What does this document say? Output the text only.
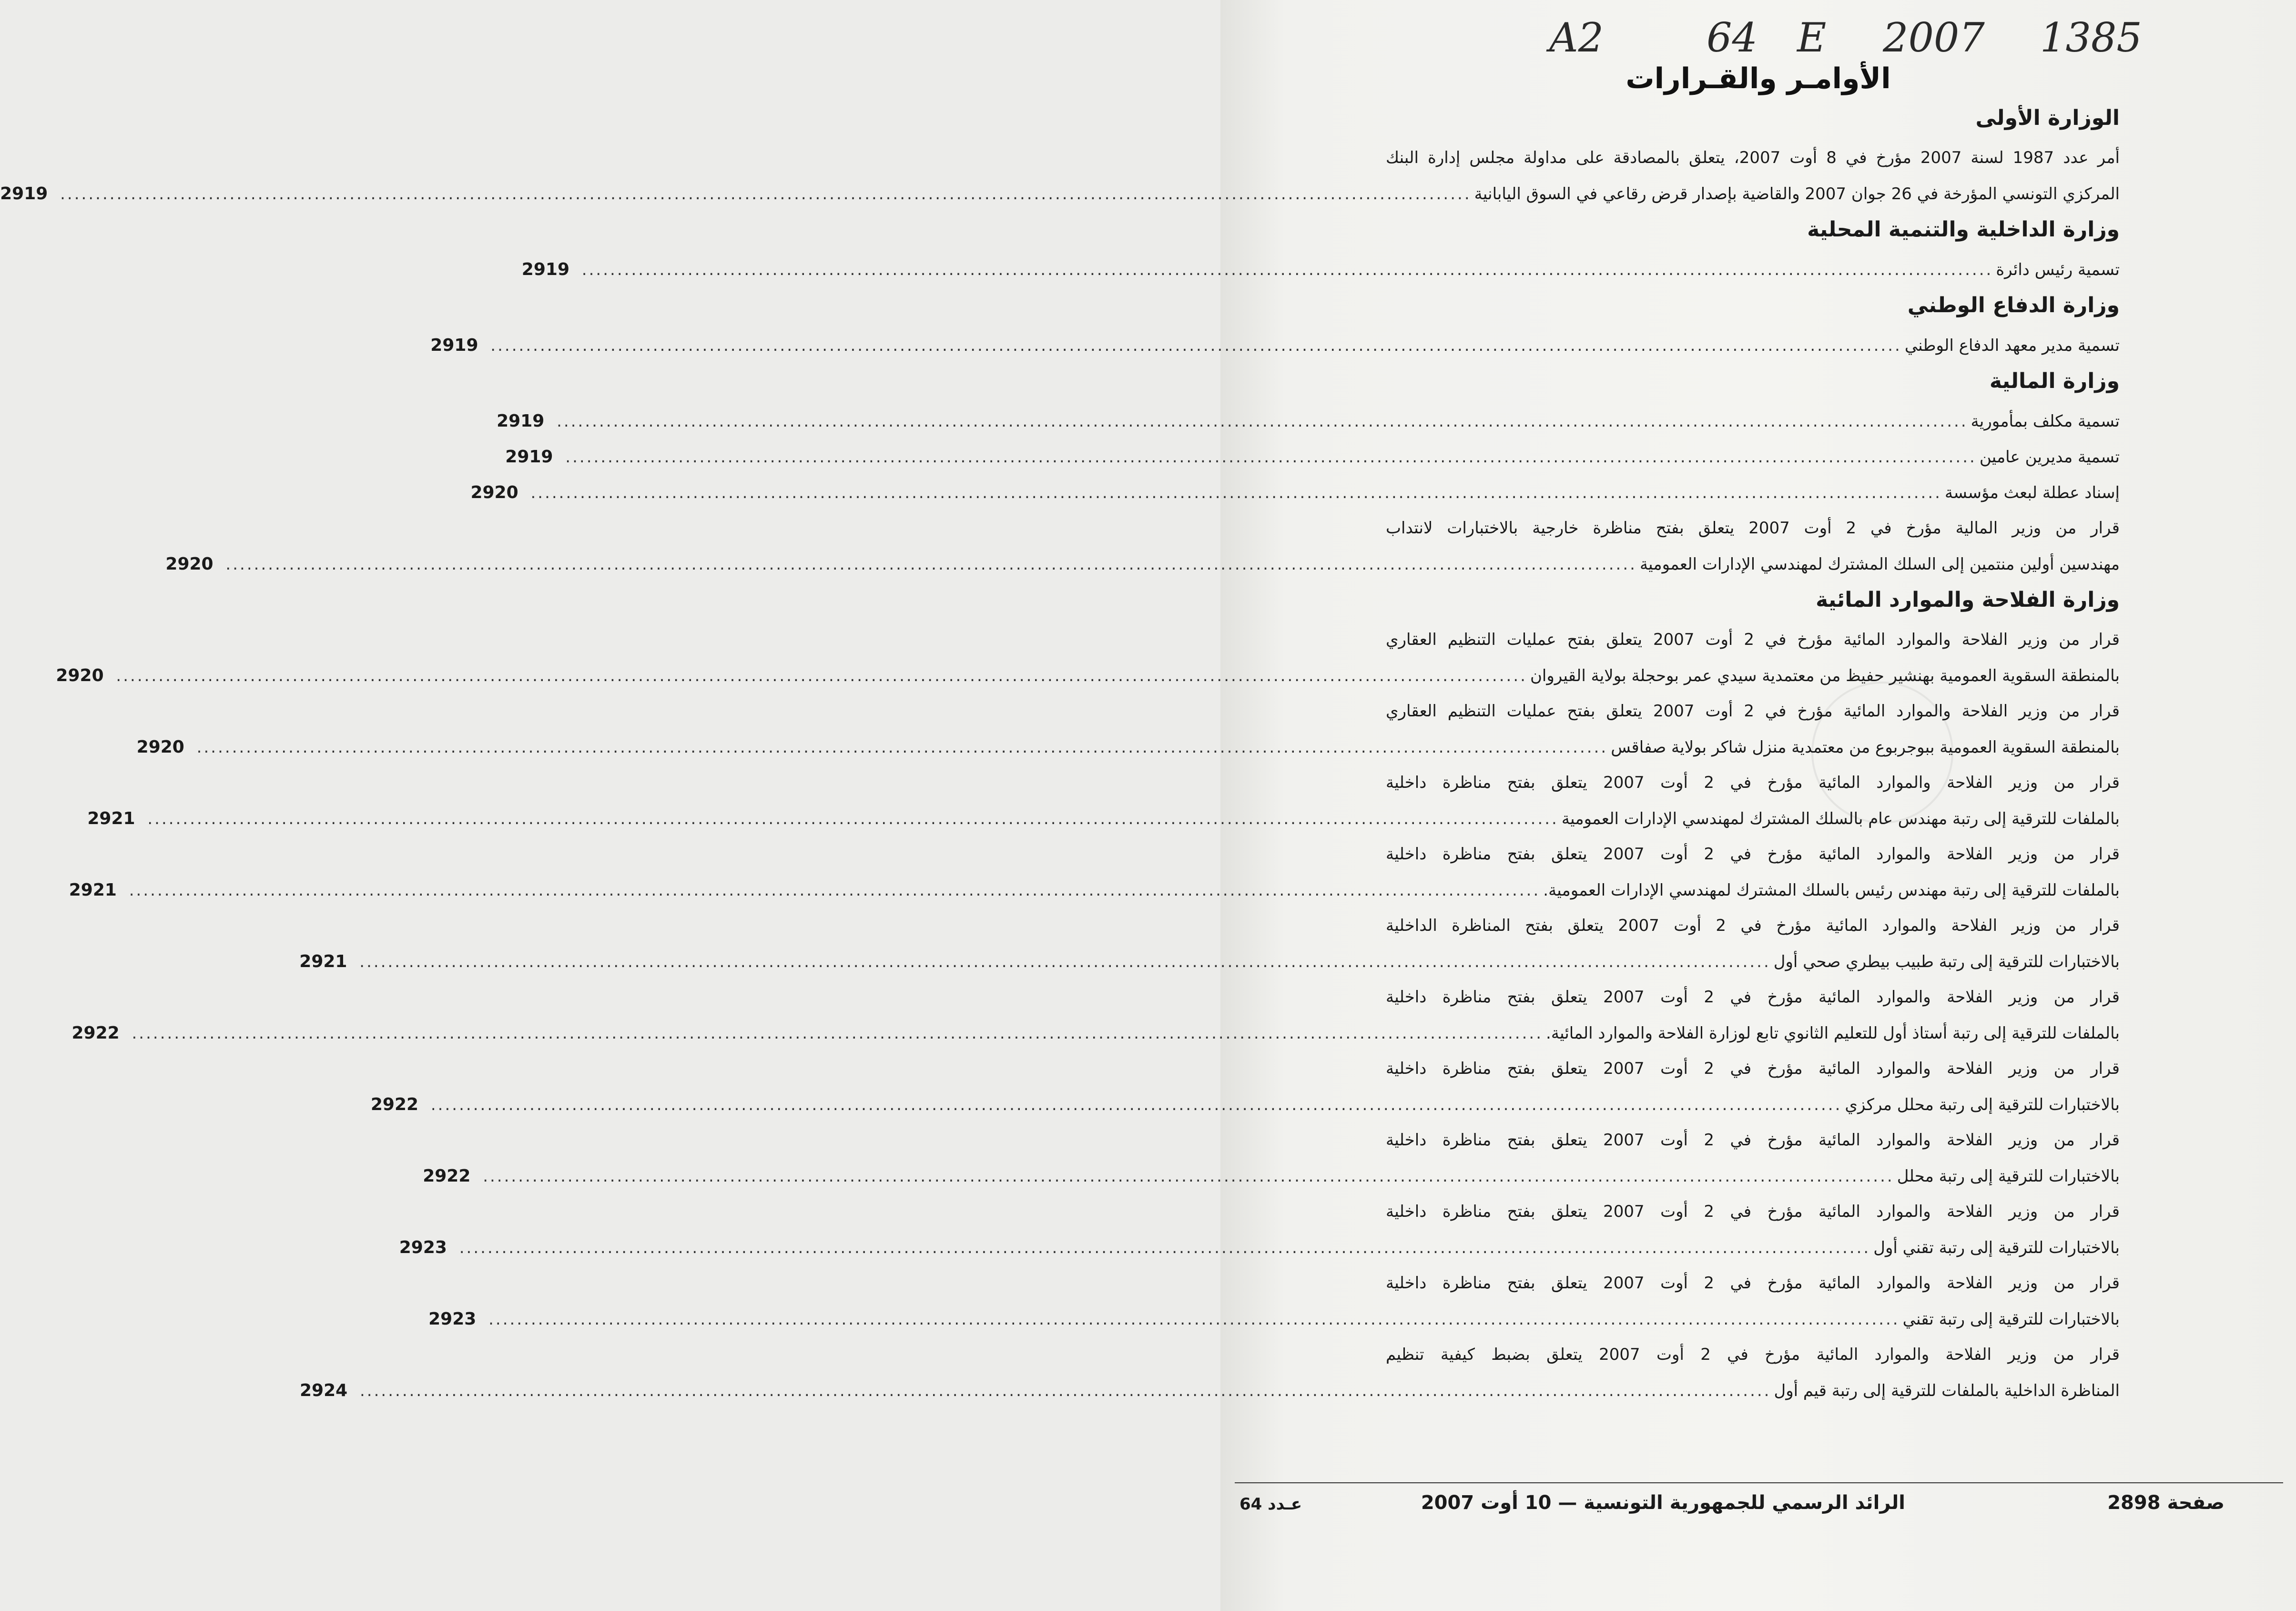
A2	64 E 2007 1385
الأوامـر والقـرارات
الوزارة الأولى
أمر عدد 1987 لسنة 2007 مؤرخ في 8 أوت 2007، يتعلق بالمصادقة على مداولة مجلس إدارة البنك
المركزي التونسي المؤرخة في 26 جوان 2007 والقاضية بإصدار قرض رقاعي في السوق اليابانية
........................................................................................................................................................................................................
2919
وزارة الداخلية والتنمية المحلية
تسمية رئيس دائرة
........................................................................................................................................................................................................
2919
وزارة الدفاع الوطني
تسمية مدير معهد الدفاع الوطني
........................................................................................................................................................................................................
2919
وزارة المالية
تسمية مكلف بمأمورية
........................................................................................................................................................................................................
2919
تسمية مديرين عامين
........................................................................................................................................................................................................
2919
إسناد عطلة لبعث مؤسسة
........................................................................................................................................................................................................
2920
قرار من وزير المالية مؤرخ في 2 أوت 2007 يتعلق بفتح مناظرة خارجية بالاختبارات لانتداب
مهندسين أولين منتمين إلى السلك المشترك لمهندسي الإدارات العمومية
........................................................................................................................................................................................................
2920
وزارة الفلاحة والموارد المائية
قرار من وزير الفلاحة والموارد المائية مؤرخ في 2 أوت 2007 يتعلق بفتح عمليات التنظيم العقاري
بالمنطقة السقوية العمومية بهنشير حفيظ من معتمدية سيدي عمر بوحجلة بولاية القيروان
........................................................................................................................................................................................................
2920
قرار من وزير الفلاحة والموارد المائية مؤرخ في 2 أوت 2007 يتعلق بفتح عمليات التنظيم العقاري
بالمنطقة السقوية العمومية ببوجربوع من معتمدية منزل شاكر بولاية صفاقس
........................................................................................................................................................................................................
2920
قرار من وزير الفلاحة والموارد المائية مؤرخ في 2 أوت 2007 يتعلق بفتح مناظرة داخلية
بالملفات للترقية إلى رتبة مهندس عام بالسلك المشترك لمهندسي الإدارات العمومية
........................................................................................................................................................................................................
2921
قرار من وزير الفلاحة والموارد المائية مؤرخ في 2 أوت 2007 يتعلق بفتح مناظرة داخلية
بالملفات للترقية إلى رتبة مهندس رئيس بالسلك المشترك لمهندسي الإدارات العمومية.
........................................................................................................................................................................................................
2921
قرار من وزير الفلاحة والموارد المائية مؤرخ في 2 أوت 2007 يتعلق بفتح المناظرة الداخلية
بالاختبارات للترقية إلى رتبة طبيب بيطري صحي أول
........................................................................................................................................................................................................
2921
قرار من وزير الفلاحة والموارد المائية مؤرخ في 2 أوت 2007 يتعلق بفتح مناظرة داخلية
بالملفات للترقية إلى رتبة أستاذ أول للتعليم الثانوي تابع لوزارة الفلاحة والموارد المائية.
........................................................................................................................................................................................................
2922
قرار من وزير الفلاحة والموارد المائية مؤرخ في 2 أوت 2007 يتعلق بفتح مناظرة داخلية
بالاختبارات للترقية إلى رتبة محلل مركزي
........................................................................................................................................................................................................
2922
قرار من وزير الفلاحة والموارد المائية مؤرخ في 2 أوت 2007 يتعلق بفتح مناظرة داخلية
بالاختبارات للترقية إلى رتبة محلل
........................................................................................................................................................................................................
2922
قرار من وزير الفلاحة والموارد المائية مؤرخ في 2 أوت 2007 يتعلق بفتح مناظرة داخلية
بالاختبارات للترقية إلى رتبة تقني أول
........................................................................................................................................................................................................
2923
قرار من وزير الفلاحة والموارد المائية مؤرخ في 2 أوت 2007 يتعلق بفتح مناظرة داخلية
بالاختبارات للترقية إلى رتبة تقني
........................................................................................................................................................................................................
2923
قرار من وزير الفلاحة والموارد المائية مؤرخ في 2 أوت 2007 يتعلق بضبط كيفية تنظيم
المناظرة الداخلية بالملفات للترقية إلى رتبة قيم أول
........................................................................................................................................................................................................
2924
صفحة 2898
الرائد الرسمي للجمهورية التونسية — 10 أوت 2007
عـدد 64
